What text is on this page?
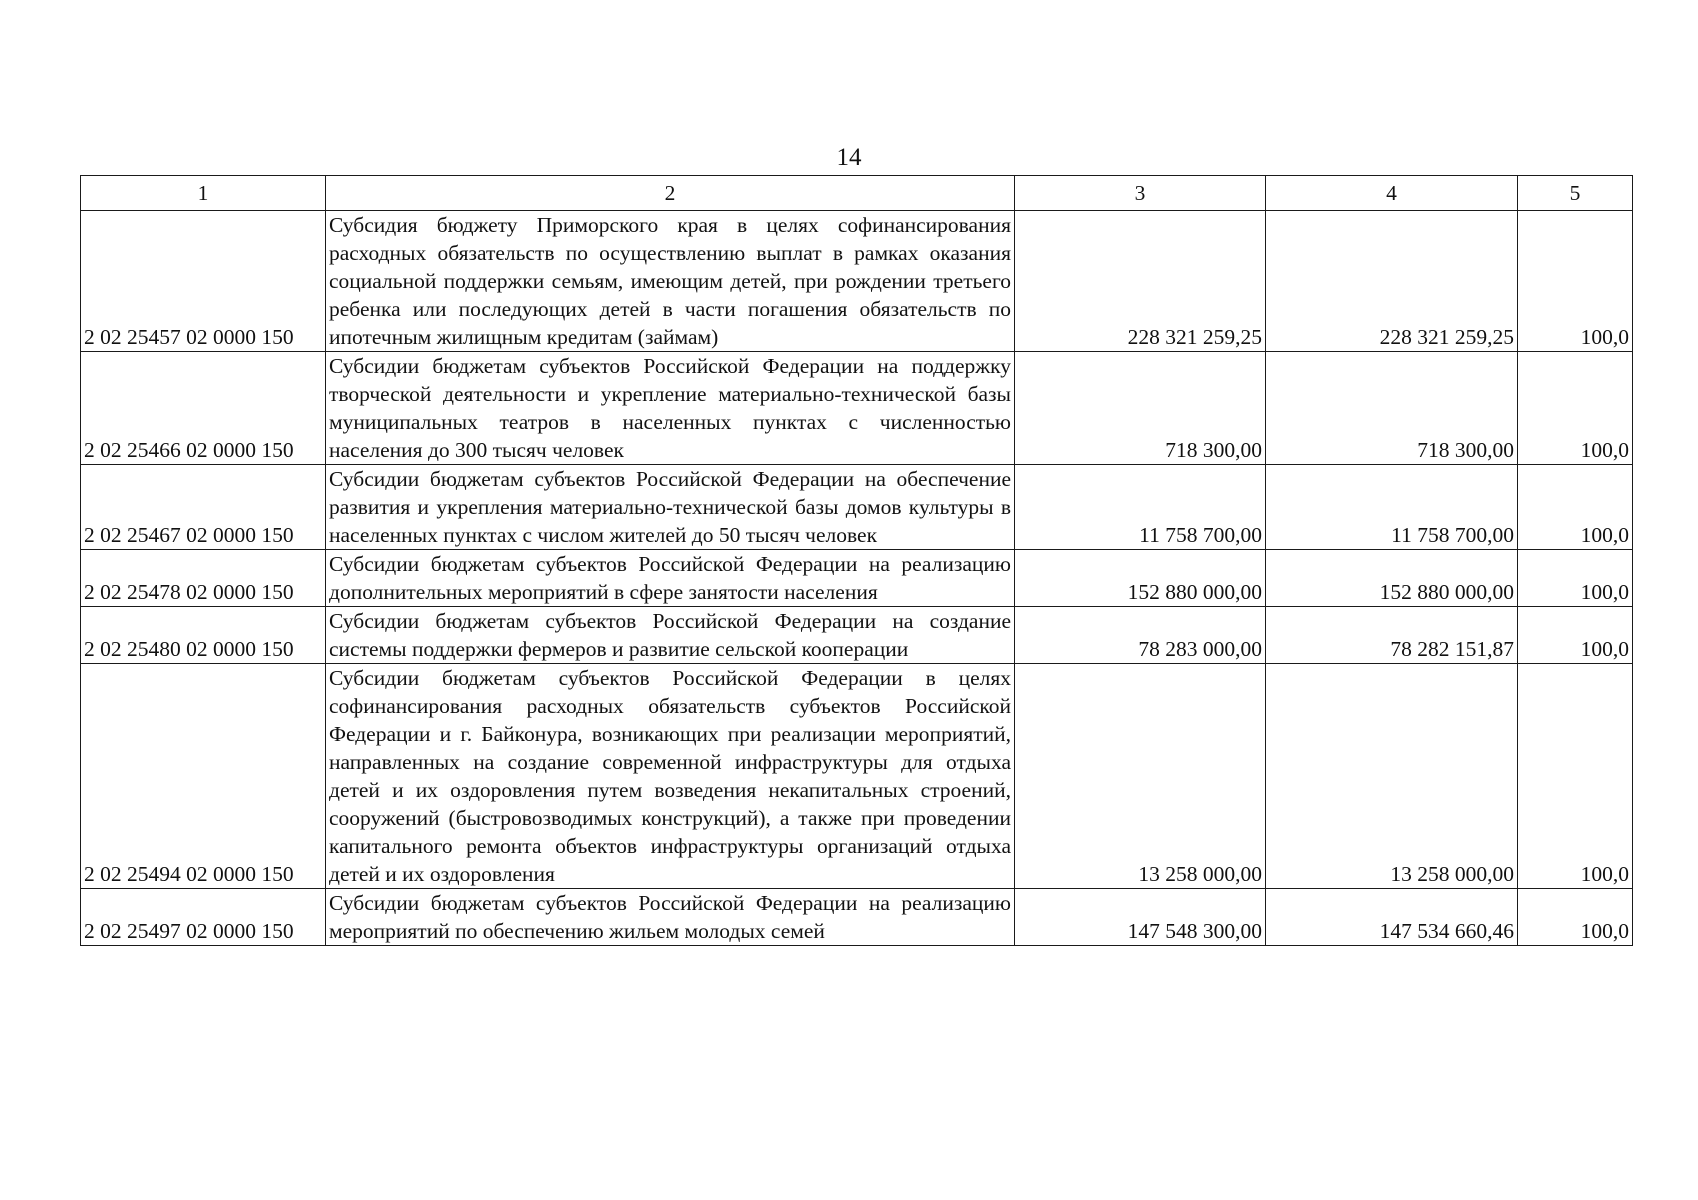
14
1	2	3	4	5
2 02 25457 02 0000 150	Субсидия бюджету Приморского края в целях софинансирования расходных обязательств по осуществлению выплат в рамках оказания социальной поддержки семьям, имеющим детей, при рождении третьего ребенка или последующих детей в части погашения обязательств по ипотечным жилищным кредитам (займам)	228 321 259,25	228 321 259,25	100,0
2 02 25466 02 0000 150	Субсидии бюджетам субъектов Российской Федерации на поддержку творческой деятельности и укрепление материально-технической базы муниципальных театров в населенных пунктах с численностью населения до 300 тысяч человек	718 300,00	718 300,00	100,0
2 02 25467 02 0000 150	Субсидии бюджетам субъектов Российской Федерации на обеспечение развития и укрепления материально-технической базы домов культуры в населенных пунктах с числом жителей до 50 тысяч человек	11 758 700,00	11 758 700,00	100,0
2 02 25478 02 0000 150	Субсидии бюджетам субъектов Российской Федерации на реализацию дополнительных мероприятий в сфере занятости населения	152 880 000,00	152 880 000,00	100,0
2 02 25480 02 0000 150	Субсидии бюджетам субъектов Российской Федерации на создание системы поддержки фермеров и развитие сельской кооперации	78 283 000,00	78 282 151,87	100,0
2 02 25494 02 0000 150	Субсидии бюджетам субъектов Российской Федерации в целях софинансирования расходных обязательств субъектов Российской Федерации и г. Байконура, возникающих при реализации мероприятий, направленных на создание современной инфраструктуры для отдыха детей и их оздоровления путем возведения некапитальных строений, сооружений (быстровозводимых конструкций), а также при проведении капитального ремонта объектов инфраструктуры организаций отдыха детей и их оздоровления	13 258 000,00	13 258 000,00	100,0
2 02 25497 02 0000 150	Субсидии бюджетам субъектов Российской Федерации на реализацию мероприятий по обеспечению жильем молодых семей	147 548 300,00	147 534 660,46	100,0
